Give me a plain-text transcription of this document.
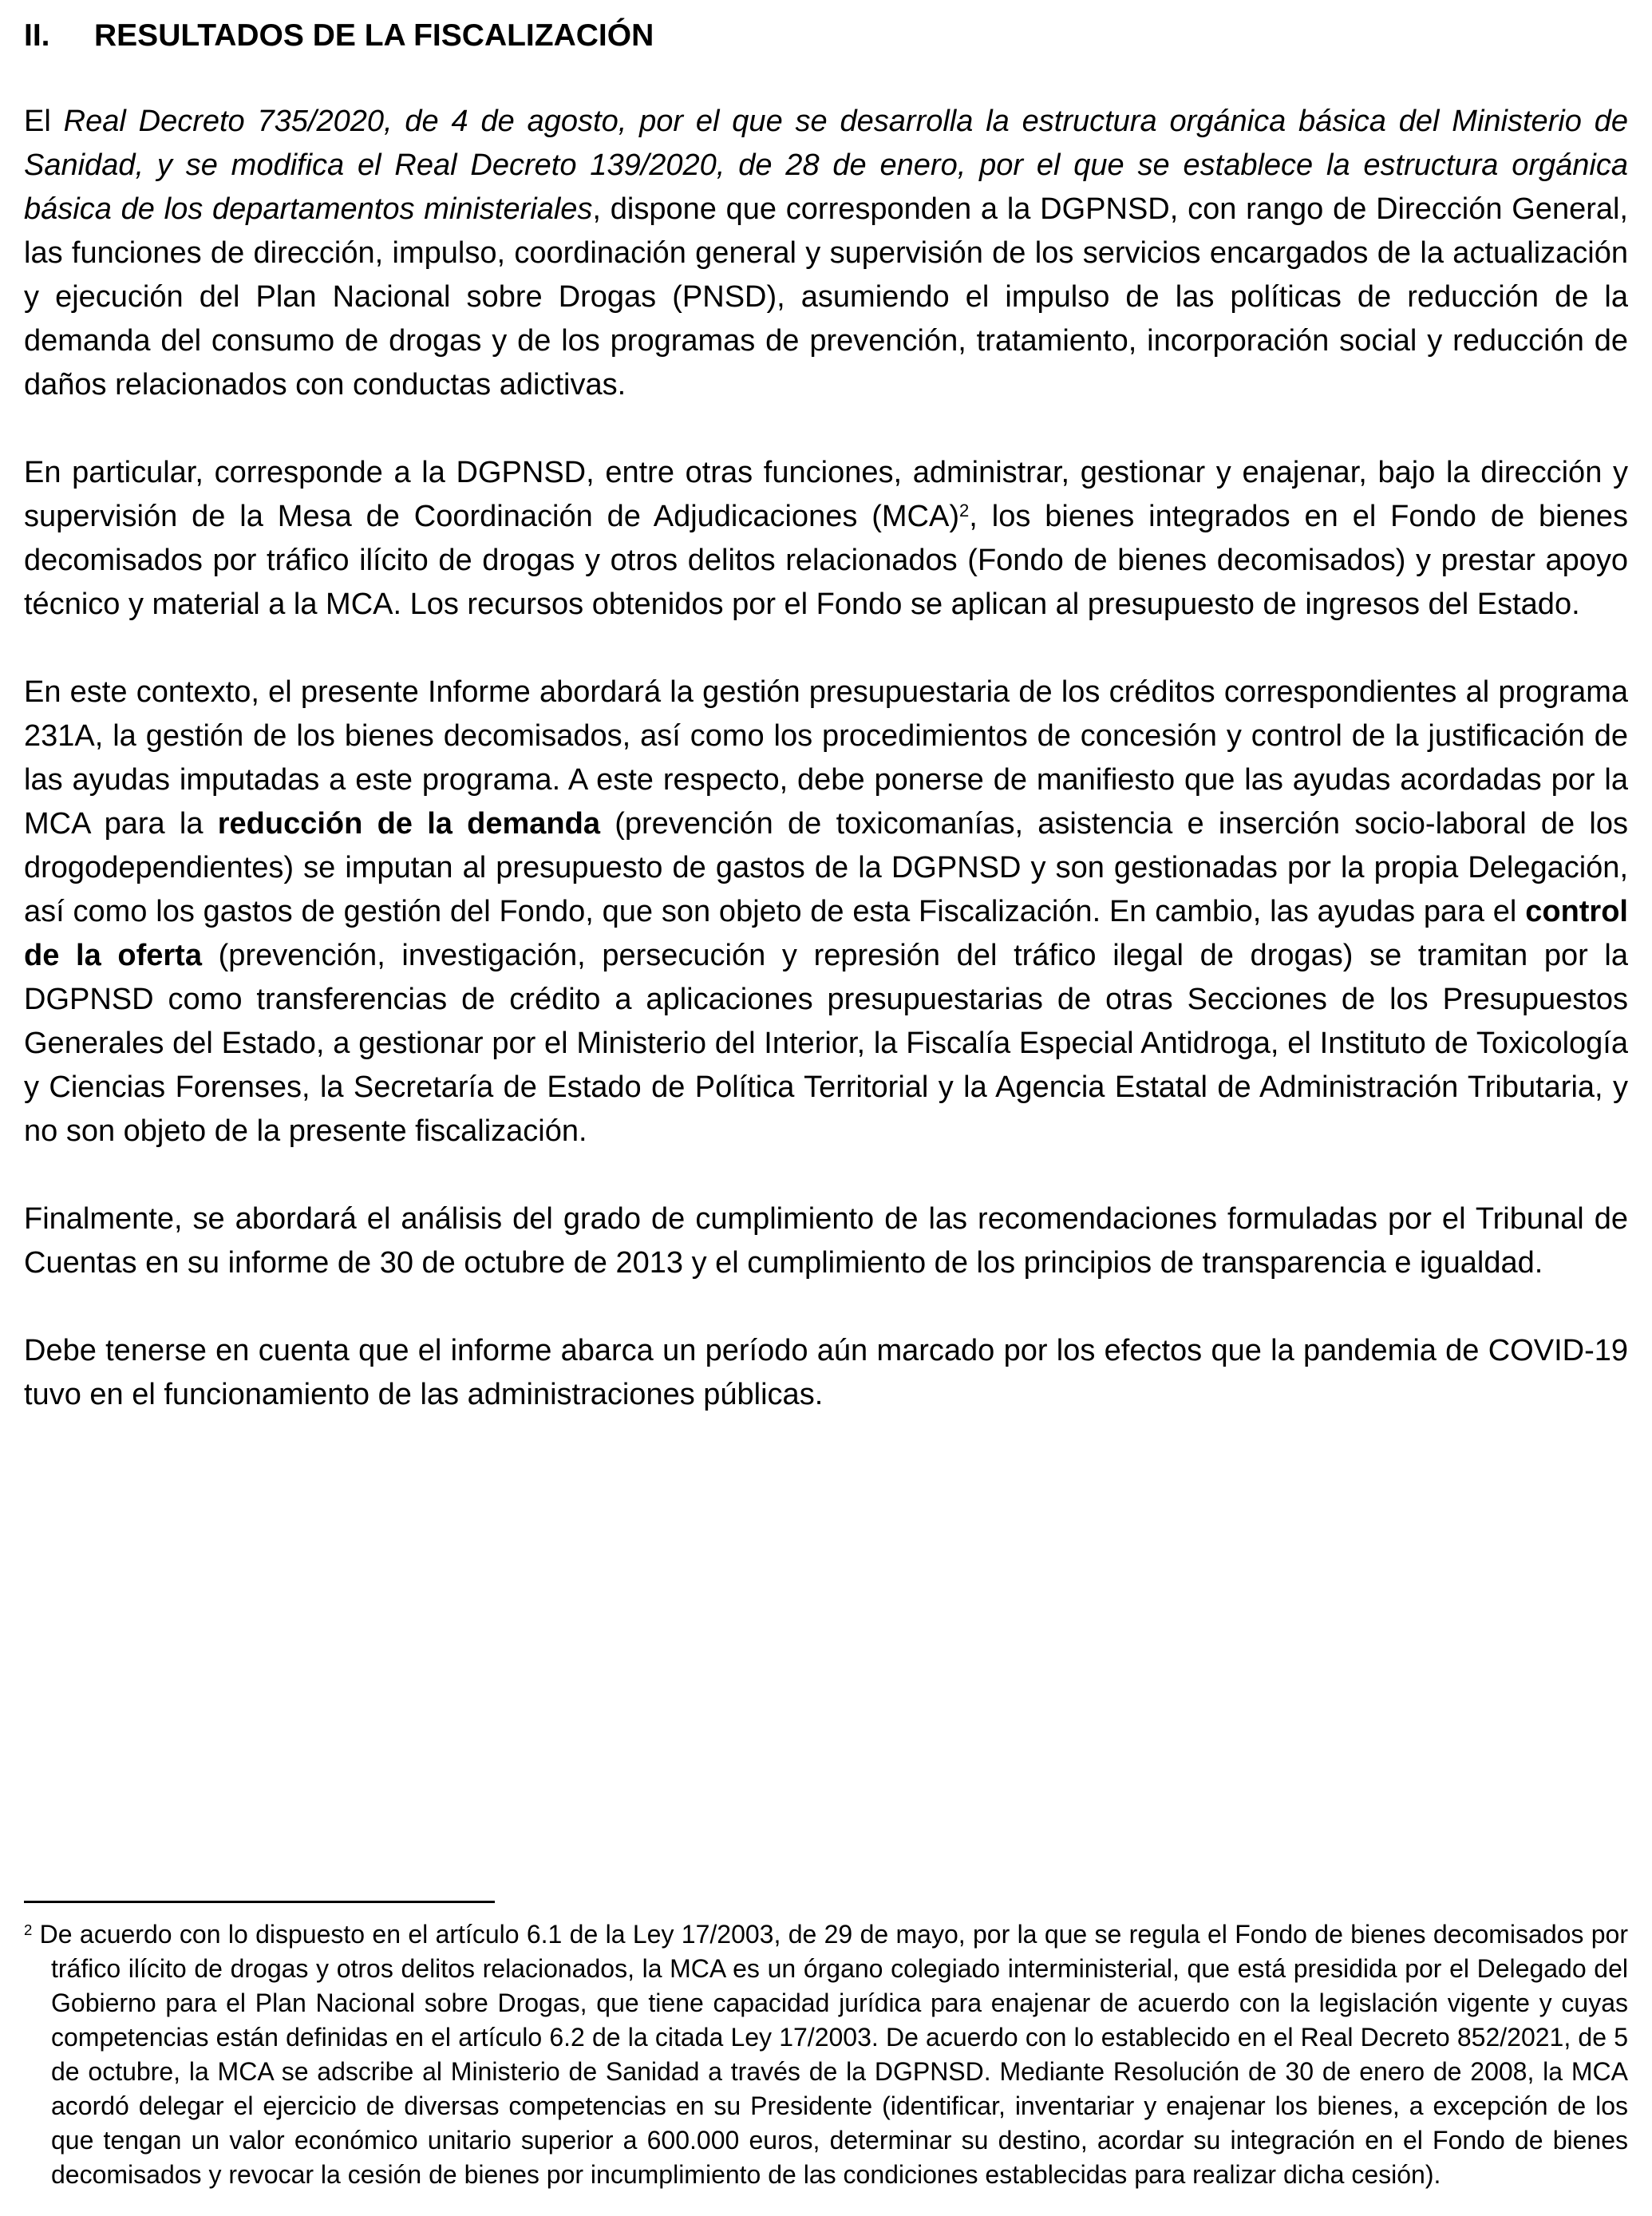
II.	RESULTADOS DE LA FISCALIZACIÓN

El Real Decreto 735/2020, de 4 de agosto, por el que se desarrolla la estructura orgánica básica del Ministerio de Sanidad, y se modifica el Real Decreto 139/2020, de 28 de enero, por el que se establece la estructura orgánica básica de los departamentos ministeriales, dispone que corresponden a la DGPNSD, con rango de Dirección General, las funciones de dirección, impulso, coordinación general y supervisión de los servicios encargados de la actualización y ejecución del Plan Nacional sobre Drogas (PNSD), asumiendo el impulso de las políticas de reducción de la demanda del consumo de drogas y de los programas de prevención, tratamiento, incorporación social y reducción de daños relacionados con conductas adictivas.

En particular, corresponde a la DGPNSD, entre otras funciones, administrar, gestionar y enajenar, bajo la dirección y supervisión de la Mesa de Coordinación de Adjudicaciones (MCA)$^2$, los bienes integrados en el Fondo de bienes decomisados por tráfico ilícito de drogas y otros delitos relacionados (Fondo de bienes decomisados) y prestar apoyo técnico y material a la MCA. Los recursos obtenidos por el Fondo se aplican al presupuesto de ingresos del Estado.

En este contexto, el presente Informe abordará la gestión presupuestaria de los créditos correspondientes al programa 231A, la gestión de los bienes decomisados, así como los procedimientos de concesión y control de la justificación de las ayudas imputadas a este programa. A este respecto, debe ponerse de manifiesto que las ayudas acordadas por la MCA para la reducción de la demanda (prevención de toxicomanías, asistencia e inserción socio-laboral de los drogodependientes) se imputan al presupuesto de gastos de la DGPNSD y son gestionadas por la propia Delegación, así como los gastos de gestión del Fondo, que son objeto de esta Fiscalización. En cambio, las ayudas para el control de la oferta (prevención, investigación, persecución y represión del tráfico ilegal de drogas) se tramitan por la DGPNSD como transferencias de crédito a aplicaciones presupuestarias de otras Secciones de los Presupuestos Generales del Estado, a gestionar por el Ministerio del Interior, la Fiscalía Especial Antidroga, el Instituto de Toxicología y Ciencias Forenses, la Secretaría de Estado de Política Territorial y la Agencia Estatal de Administración Tributaria, y no son objeto de la presente fiscalización.

Finalmente, se abordará el análisis del grado de cumplimiento de las recomendaciones formuladas por el Tribunal de Cuentas en su informe de 30 de octubre de 2013 y el cumplimiento de los principios de transparencia e igualdad.

Debe tenerse en cuenta que el informe abarca un período aún marcado por los efectos que la pandemia de COVID-19 tuvo en el funcionamiento de las administraciones públicas.

$^2$ De acuerdo con lo dispuesto en el artículo 6.1 de la Ley 17/2003, de 29 de mayo, por la que se regula el Fondo de bienes decomisados por tráfico ilícito de drogas y otros delitos relacionados, la MCA es un órgano colegiado interministerial, que está presidida por el Delegado del Gobierno para el Plan Nacional sobre Drogas, que tiene capacidad jurídica para enajenar de acuerdo con la legislación vigente y cuyas competencias están definidas en el artículo 6.2 de la citada Ley 17/2003. De acuerdo con lo establecido en el Real Decreto 852/2021, de 5 de octubre, la MCA se adscribe al Ministerio de Sanidad a través de la DGPNSD. Mediante Resolución de 30 de enero de 2008, la MCA acordó delegar el ejercicio de diversas competencias en su Presidente (identificar, inventariar y enajenar los bienes, a excepción de los que tengan un valor económico unitario superior a 600.000 euros, determinar su destino, acordar su integración en el Fondo de bienes decomisados y revocar la cesión de bienes por incumplimiento de las condiciones establecidas para realizar dicha cesión).
